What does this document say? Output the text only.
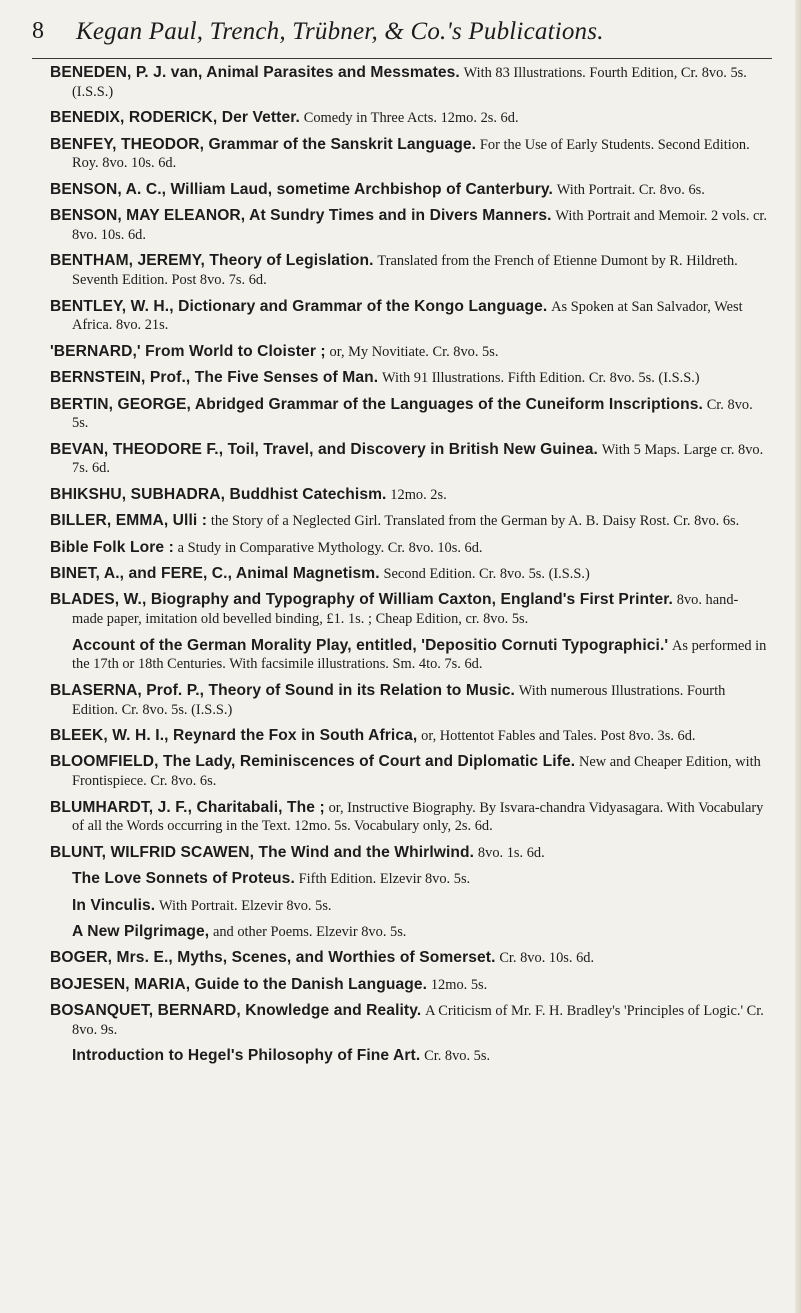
8 Kegan Paul, Trench, Trübner, & Co.'s Publications.
BENEDEN, P. J. van, Animal Parasites and Messmates. With 83 Illustrations. Fourth Edition, Cr. 8vo. 5s. (I.S.S.)
BENEDIX, RODERICK, Der Vetter. Comedy in Three Acts. 12mo. 2s. 6d.
BENFEY, THEODOR, Grammar of the Sanskrit Language. For the Use of Early Students. Second Edition. Roy. 8vo. 10s. 6d.
BENSON, A. C., William Laud, sometime Archbishop of Canterbury. With Portrait. Cr. 8vo. 6s.
BENSON, MAY ELEANOR, At Sundry Times and in Divers Manners. With Portrait and Memoir. 2 vols. cr. 8vo. 10s. 6d.
BENTHAM, JEREMY, Theory of Legislation. Translated from the French of Etienne Dumont by R. Hildreth. Seventh Edition. Post 8vo. 7s. 6d.
BENTLEY, W. H., Dictionary and Grammar of the Kongo Language. As Spoken at San Salvador, West Africa. 8vo. 21s.
'BERNARD,' From World to Cloister ; or, My Novitiate. Cr. 8vo. 5s.
BERNSTEIN, Prof., The Five Senses of Man. With 91 Illustrations. Fifth Edition. Cr. 8vo. 5s. (I.S.S.)
BERTIN, GEORGE, Abridged Grammar of the Languages of the Cuneiform Inscriptions. Cr. 8vo. 5s.
BEVAN, THEODORE F., Toil, Travel, and Discovery in British New Guinea. With 5 Maps. Large cr. 8vo. 7s. 6d.
BHIKSHU, SUBHADRA, Buddhist Catechism. 12mo. 2s.
BILLER, EMMA, Ulli : the Story of a Neglected Girl. Translated from the German by A. B. Daisy Rost. Cr. 8vo. 6s.
Bible Folk Lore : a Study in Comparative Mythology. Cr. 8vo. 10s. 6d.
BINET, A., and FERE, C., Animal Magnetism. Second Edition. Cr. 8vo. 5s. (I.S.S.)
BLADES, W., Biography and Typography of William Caxton, England's First Printer. 8vo. hand-made paper, imitation old bevelled binding, £1. 1s. ; Cheap Edition, cr. 8vo. 5s.
Account of the German Morality Play, entitled, 'Depositio Cornuti Typographici.' As performed in the 17th or 18th Centuries. With facsimile illustrations. Sm. 4to. 7s. 6d.
BLASERNA, Prof. P., Theory of Sound in its Relation to Music. With numerous Illustrations. Fourth Edition. Cr. 8vo. 5s. (I.S.S.)
BLEEK, W. H. I., Reynard the Fox in South Africa, or, Hottentot Fables and Tales. Post 8vo. 3s. 6d.
BLOOMFIELD, The Lady, Reminiscences of Court and Diplomatic Life. New and Cheaper Edition, with Frontispiece. Cr. 8vo. 6s.
BLUMHARDT, J. F., Charitabali, The ; or, Instructive Biography. By Isvara-chandra Vidyasagara. With Vocabulary of all the Words occurring in the Text. 12mo. 5s. Vocabulary only, 2s. 6d.
BLUNT, WILFRID SCAWEN, The Wind and the Whirlwind. 8vo. 1s. 6d.
The Love Sonnets of Proteus. Fifth Edition. Elzevir 8vo. 5s.
In Vinculis. With Portrait. Elzevir 8vo. 5s.
A New Pilgrimage, and other Poems. Elzevir 8vo. 5s.
BOGER, Mrs. E., Myths, Scenes, and Worthies of Somerset. Cr. 8vo. 10s. 6d.
BOJESEN, MARIA, Guide to the Danish Language. 12mo. 5s.
BOSANQUET, BERNARD, Knowledge and Reality. A Criticism of Mr. F. H. Bradley's 'Principles of Logic.' Cr. 8vo. 9s.
Introduction to Hegel's Philosophy of Fine Art. Cr. 8vo. 5s.
